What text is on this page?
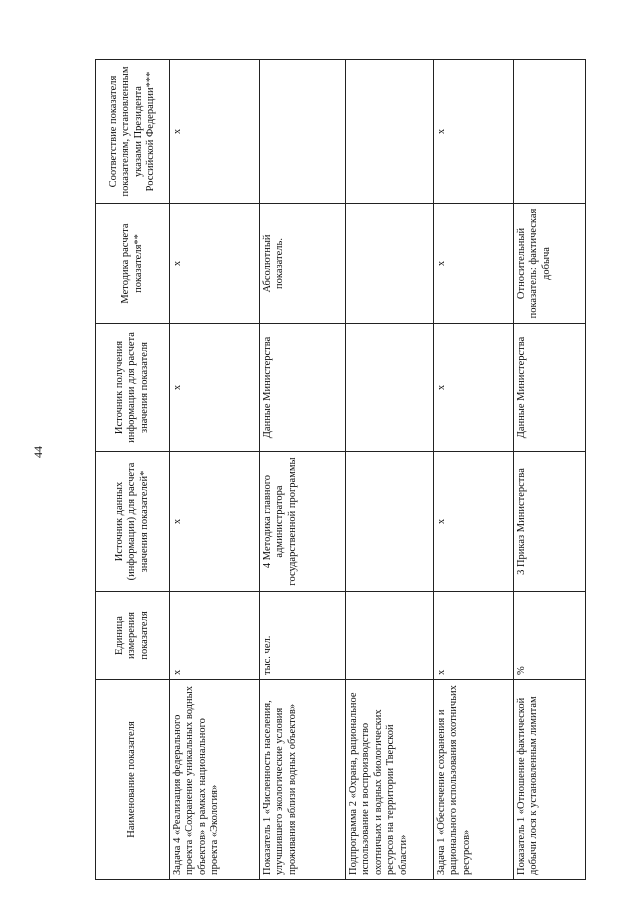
44
Наименование показателя	Единица измерения показателя	Источник данных (информации) для расчета значения показателей*	Источник получения информации для расчета значения показателя	Методика расчета показателя**	Соответствие показателя показателям, установленным указами Президента Российской Федерации***
Задача 4 «Реализация федерального проекта «Сохранение уникальных водных объектов» в рамках национального проекта «Экология»	х	х	х	х	х
Показатель 1 «Численность населения, улучшившего экологические условия проживания вблизи водных объектов»	тыс. чел.	4 Методика главного администратора государственной программы	Данные Министерства	Абсолютный показатель.	
Подпрограмма 2 «Охрана, рациональное использование и воспроизводство охотничьих и водных биологических ресурсов на территории Тверской области»					
Задача 1 «Обеспечение сохранения и рационального использования охотничьих ресурсов»	х	х	х	х	х
Показатель 1 «Отношение фактической добычи лося к установленным лимитам	%	3 Приказ Министерства	Данные Министерства	Относительный показатель: фактическая добыча	
